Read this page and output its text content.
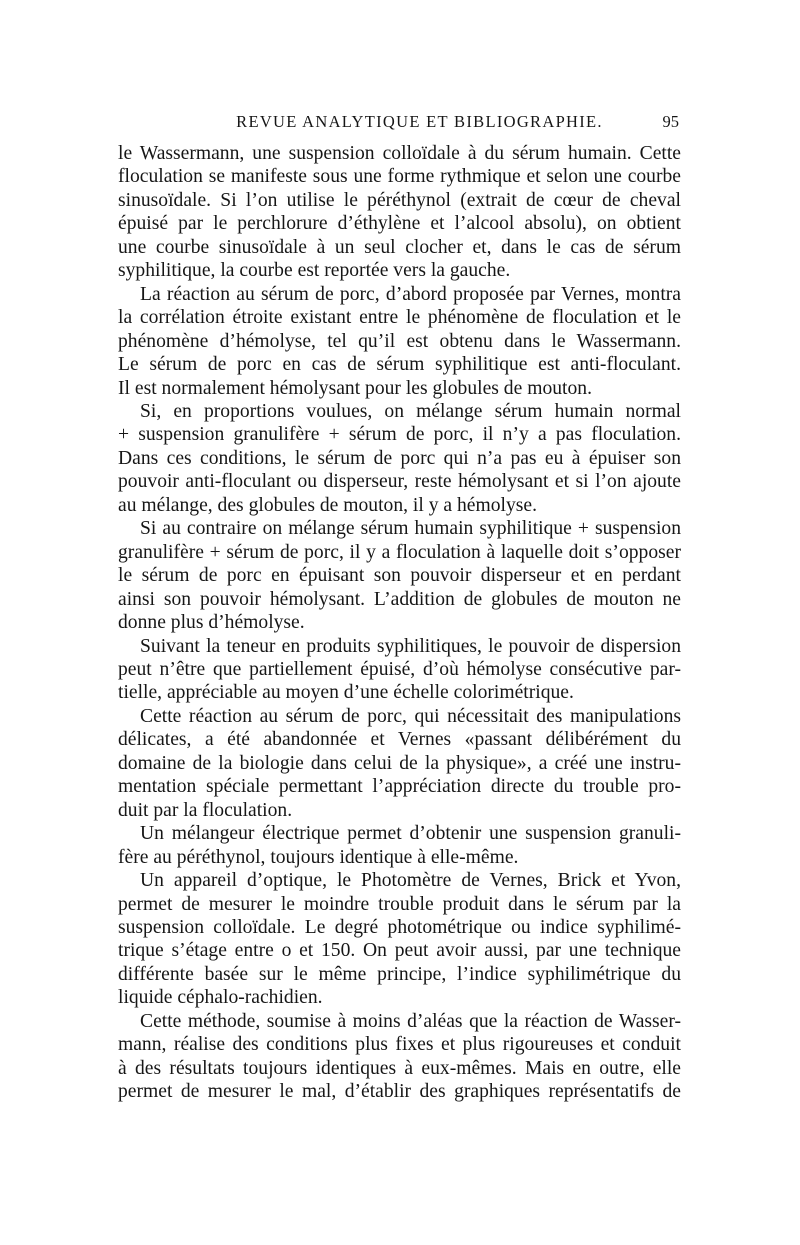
REVUE ANALYTIQUE ET BIBLIOGRAPHIE.	95
le Wassermann, une suspension colloïdale à du sérum humain. Cette
floculation se manifeste sous une forme rythmique et selon une courbe
sinusoïdale. Si l’on utilise le péréthynol (extrait de cœur de cheval
épuisé par le perchlorure d’éthylène et l’alcool absolu), on obtient
une courbe sinusoïdale à un seul clocher et, dans le cas de sérum
syphilitique, la courbe est reportée vers la gauche.
La réaction au sérum de porc, d’abord proposée par Vernes, montra
la corrélation étroite existant entre le phénomène de floculation et le
phénomène d’hémolyse, tel qu’il est obtenu dans le Wassermann.
Le sérum de porc en cas de sérum syphilitique est anti-floculant.
Il est normalement hémolysant pour les globules de mouton.
Si, en proportions voulues, on mélange sérum humain normal
+ suspension granulifère + sérum de porc, il n’y a pas floculation.
Dans ces conditions, le sérum de porc qui n’a pas eu à épuiser son
pouvoir anti-floculant ou disperseur, reste hémolysant et si l’on ajoute
au mélange, des globules de mouton, il y a hémolyse.
Si au contraire on mélange sérum humain syphilitique + suspension
granulifère + sérum de porc, il y a floculation à laquelle doit s’opposer
le sérum de porc en épuisant son pouvoir disperseur et en perdant
ainsi son pouvoir hémolysant. L’addition de globules de mouton ne
donne plus d’hémolyse.
Suivant la teneur en produits syphilitiques, le pouvoir de dispersion
peut n’être que partiellement épuisé, d’où hémolyse consécutive par-
tielle, appréciable au moyen d’une échelle colorimétrique.
Cette réaction au sérum de porc, qui nécessitait des manipulations
délicates, a été abandonnée et Vernes «passant délibérément du
domaine de la biologie dans celui de la physique», a créé une instru-
mentation spéciale permettant l’appréciation directe du trouble pro-
duit par la floculation.
Un mélangeur électrique permet d’obtenir une suspension granuli-
fère au péréthynol, toujours identique à elle-même.
Un appareil d’optique, le Photomètre de Vernes, Brick et Yvon,
permet de mesurer le moindre trouble produit dans le sérum par la
suspension colloïdale. Le degré photométrique ou indice syphilimé-
trique s’étage entre o et 150. On peut avoir aussi, par une technique
différente basée sur le même principe, l’indice syphilimétrique du
liquide céphalo-rachidien.
Cette méthode, soumise à moins d’aléas que la réaction de Wasser-
mann, réalise des conditions plus fixes et plus rigoureuses et conduit
à des résultats toujours identiques à eux-mêmes. Mais en outre, elle
permet de mesurer le mal, d’établir des graphiques représentatifs de
